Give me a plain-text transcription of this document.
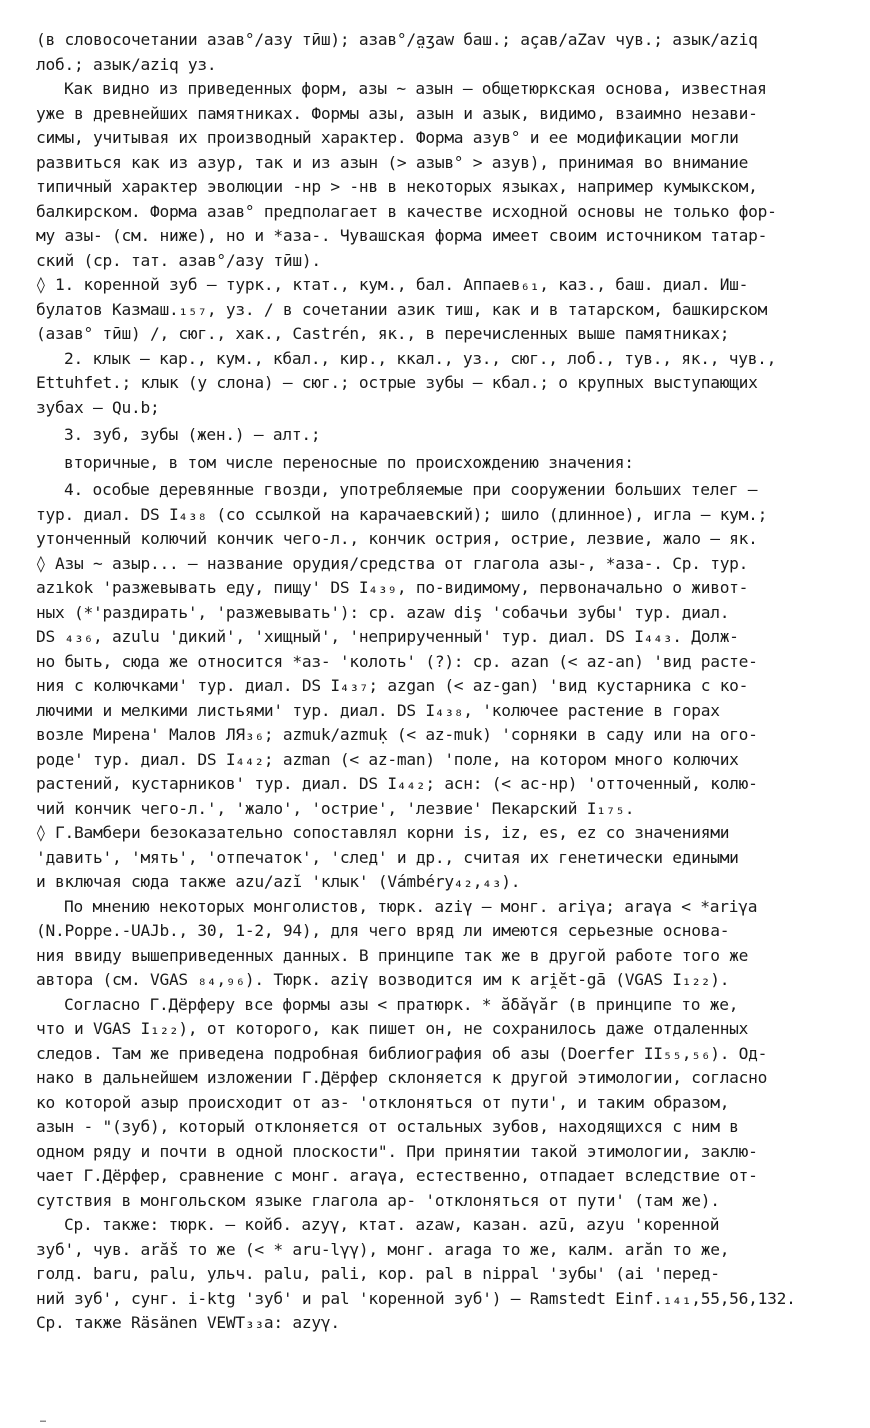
(в словосочетании азав°/азу тӣш); азав°/a̤ʒaw баш.; аҫав/aZav чув.; азык/aziq
лоб.; азык/aziq уз.
Как видно из приведенных форм, азы ~ азын — общетюркская основа, известная
уже в древнейших памятниках. Формы азы, азын и азык, видимо, взаимно незави-
симы, учитывая их производный характер. Форма азув° и ее модификации могли
развиться как из азур, так и из азын (> азыв° > азув), принимая во внимание
типичный характер эволюции -нр > -нв в некоторых языках, например кумыкском,
балкирском. Форма азав° предполагает в качестве исходной основы не только фор-
му азы- (см. ниже), но и *аза-. Чувашская форма имеет своим источником татар-
ский (ср. тат. азав°/азу тӣш).
◊ 1. коренной зуб — турк., ктат., кум., бал. Аппаев₆₁, каз., баш. диал. Иш-
булатов Казмаш.₁₅₇, уз. / в сочетании азик тиш, как и в татарском, башкирском
(азав° тӣш) /, сюг., хак., Castrén, як., в перечисленных выше памятниках;
2. клык — кар., кум., кбал., кир., ккал., уз., сюг., лоб., тув., як., чув.,
Ettuhfet.; клык (у слона) — сюг.; острые зубы — кбал.; о крупных выступающих
зубах — Qu.b;
3. зуб, зубы (жен.) — алт.;
вторичные, в том числе переносные по происхождению значения:
4. особые деревянные гвозди, употребляемые при сооружении больших телег —
тур. диал. DS I₄₃₈ (со ссылкой на карачаевский); шило (длинное), игла — кум.;
утонченный колючий кончик чего-л., кончик острия, острие, лезвие, жало — як.
◊ Азы ~ азыр... — название орудия/средства от глагола азы-, *аза-. Ср. тур.
azıkok 'разжевывать еду, пищу' DS I₄₃₉, по-видимому, первоначально о живот-
ных (*'раздирать', 'разжевывать'): ср. azaw diş 'собачьи зубы' тур. диал.
DS ₄₃₆, azulu 'дикий', 'хищный', 'неприрученный' тур. диал. DS I₄₄₃. Долж-
но быть, сюда же относится *аз- 'колоть' (?): ср. azan (< az-an) 'вид расте-
ния с колючками' тур. диал. DS I₄₃₇; azgan (< az-gan) 'вид кустарника с ко-
лючими и мелкими листьями' тур. диал. DS I₄₃₈, 'колючее растение в горах
возле Мирена' Малов ЛЯ₃₆; azmuk/azmuḳ (< az-muk) 'сорняки в саду или на ого-
роде' тур. диал. DS I₄₄₂; azman (< az-man) 'поле, на котором много колючих
растений, кустарников' тур. диал. DS I₄₄₂; асн: (< ас-нр) 'отточенный, колю-
чий кончик чего-л.', 'жало', 'острие', 'лезвие' Пекарский I₁₇₅.
◊ Г.Вамбери безоказательно сопоставлял корни is, iz, es, ez со значениями
'давить', 'мять', 'отпечаток', 'след' и др., считая их генетически едиными
и включая сюда также azu/azĭ 'клык' (Vámbéry₄₂,₄₃).
По мнению некоторых монголистов, тюрк. aziγ — монг. ariγa; araγa < *ariγa
(N.Poppe.-UAJb., 30, 1-2, 94), для чего вряд ли имеются серьезные основа-
ния ввиду вышеприведенных данных. В принципе так же в другой работе того же
автора (см. VGAS ₈₄,₉₆). Тюрк. aziγ возводится им к ari̯ĕt-gā (VGAS I₁₂₂).
Согласно Г.Дёрферу все формы азы < пратюрк. * ăδăγăr (в принципе то же,
что и VGAS I₁₂₂), от которого, как пишет он, не сохранилось даже отдаленных
следов. Там же приведена подробная библиография об азы (Doerfer II₅₅,₅₆). Од-
нако в дальнейшем изложении Г.Дёрфер склоняется к другой этимологии, согласно
ко которой азыр происходит от аз- 'отклоняться от пути', и таким образом,
азын - "(зуб), который отклоняется от остальных зубов, находящихся с ним в
одном ряду и почти в одной плоскости". При принятии такой этимологии, заклю-
чает Г.Дёрфер, сравнение с монг. araγa, естественно, отпадает вследствие от-
сутствия в монгольском языке глагола ар- 'отклоняться от пути' (там же).
Ср. также: тюрк. — койб. azyγ, ктат. azaw, казан. azū, azyu 'коренной
зуб', чув. arăš то же (< * aru-lγγ), монг. araga то же, калм. arăn то же,
голд. baru, palu, ульч. palu, pali, кор. pal в nippal 'зубы' (ai 'перед-
ний зуб', сунг. i-ktg 'зуб' и pal 'коренной зуб') — Ramstedt Einf.₁₄₁,55,56,132.
Ср. также Räsänen VEWT₃₃a: azyγ.
…
